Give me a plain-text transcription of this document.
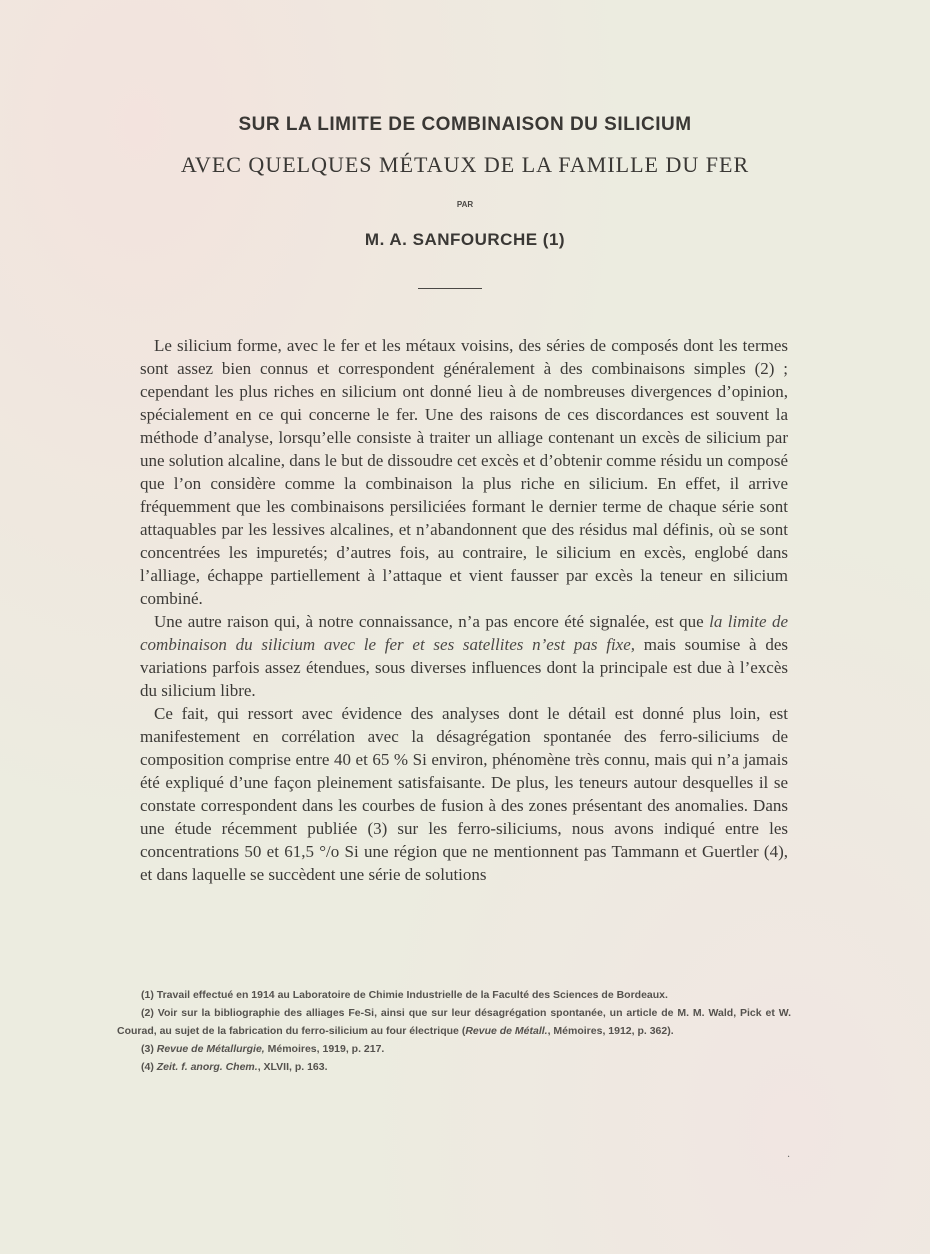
SUR LA LIMITE DE COMBINAISON DU SILICIUM
AVEC QUELQUES MÉTAUX DE LA FAMILLE DU FER
PAR
M. A. SANFOURCHE (1)

Le silicium forme, avec le fer et les métaux voisins, des séries de composés dont les termes sont assez bien connus et correspondent généralement à des combinaisons simples (2) ; cependant les plus riches en silicium ont donné lieu à de nombreuses divergences d’opinion, spécialement en ce qui concerne le fer. Une des raisons de ces discordances est souvent la méthode d’analyse, lorsqu’elle consiste à traiter un alliage contenant un excès de silicium par une solution alcaline, dans le but de dissoudre cet excès et d’obtenir comme résidu un composé que l’on considère comme la combinaison la plus riche en silicium. En effet, il arrive fréquemment que les combinaisons persiliciées formant le dernier terme de chaque série sont attaquables par les lessives alcalines, et n’abandonnent que des résidus mal définis, où se sont concentrées les impuretés; d’autres fois, au contraire, le silicium en excès, englobé dans l’alliage, échappe partiellement à l’attaque et vient fausser par excès la teneur en silicium combiné.

Une autre raison qui, à notre connaissance, n’a pas encore été signalée, est que la limite de combinaison du silicium avec le fer et ses satellites n’est pas fixe, mais soumise à des variations parfois assez étendues, sous diverses influences dont la principale est due à l’excès du silicium libre.

Ce fait, qui ressort avec évidence des analyses dont le détail est donné plus loin, est manifestement en corrélation avec la désagrégation spontanée des ferro-siliciums de composition comprise entre 40 et 65 % Si environ, phénomène très connu, mais qui n’a jamais été expliqué d’une façon pleinement satisfaisante. De plus, les teneurs autour desquelles il se constate correspondent dans les courbes de fusion à des zones présentant des anomalies. Dans une étude récemment publiée (3) sur les ferro-siliciums, nous avons indiqué entre les concentrations 50 et 61,5 °/o Si une région que ne mentionnent pas Tammann et Guertler (4), et dans laquelle se succèdent une série de solutions

(1) Travail effectué en 1914 au Laboratoire de Chimie Industrielle de la Faculté des Sciences de Bordeaux.

(2) Voir sur la bibliographie des alliages Fe-Si, ainsi que sur leur désagrégation spontanée, un article de M. M. Wald, Pick et W. Courad, au sujet de la fabrication du ferro-silicium au four électrique (Revue de Métall., Mémoires, 1912, p. 362).

(3) Revue de Métallurgie, Mémoires, 1919, p. 217.

(4) Zeit. f. anorg. Chem., XLVII, p. 163.

·
